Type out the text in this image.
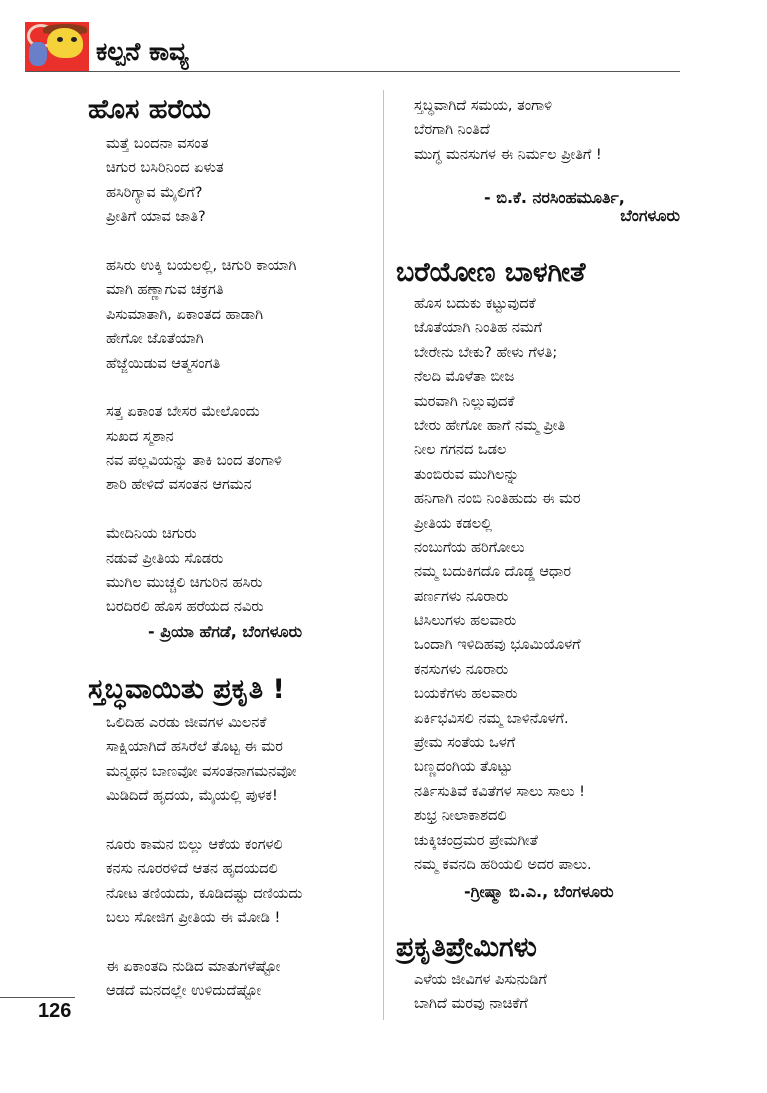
ಕಲ್ಪನೆ ಕಾವ್ಯ
ಹೊಸ ಹರೆಯ
ಮತ್ತೆ ಬಂದನಾ ವಸಂತ
ಚಿಗುರ ಬಸಿರಿನಿಂದ ಏಳುತ
ಹಸಿರಿಗ್ಯಾವ ಮೈಲಿಗೆ?
ಪ್ರೀತಿಗೆ ಯಾವ ಜಾತಿ?
ಹಸಿರು ಉಕ್ಕಿ ಬಯಲಲ್ಲಿ, ಚಿಗುರಿ ಕಾಯಾಗಿ
ಮಾಗಿ ಹಣ್ಣಾಗುವ ಚಕ್ರಗತಿ
ಪಿಸುಮಾತಾಗಿ, ಏಕಾಂತದ ಹಾಡಾಗಿ
ಹೇಗೋ ಜೊತೆಯಾಗಿ
ಹೆಜ್ಜೆಯಿಡುವ ಆತ್ಮಸಂಗತಿ
ಸತ್ತ ಏಕಾಂತ ಬೇಸರ ಮೇಲೊಂದು
ಸುಖದ ಸ್ಮಶಾನ
ನವ ಪಲ್ಲವಿಯನ್ನು ತಾಕಿ ಬಂದ ತಂಗಾಳಿ
ಶಾರಿ ಹೇಳಿದೆ ವಸಂತನ ಆಗಮನ
ಮೇದಿನಿಯ ಚಿಗುರು
ನಡುವೆ ಪ್ರೀತಿಯ ಸೊಡರು
ಮುಗಿಲ ಮುಚ್ಚಲಿ ಚಿಗುರಿನ ಹಸಿರು
ಬರದಿರಲಿ ಹೊಸ ಹರೆಯದ ನವಿರು
- ಪ್ರಿಯಾ ಹೆಗಡೆ, ಬೆಂಗಳೂರು
ಸ್ತಬ್ಧವಾಯಿತು ಪ್ರಕೃತಿ !
ಒಲಿದಿಹ ಎರಡು ಜೀವಗಳ ಮಿಲನಕೆ
ಸಾಕ್ಷಿಯಾಗಿದೆ ಹಸಿರೆಲೆ ತೊಟ್ಟ ಈ ಮರ
ಮನ್ಮಥನ ಬಾಣವೋ ವಸಂತನಾಗಮನವೋ
ಮಿಡಿದಿದೆ ಹೃದಯ, ಮೈಯಲ್ಲಿ ಪುಳಕ!
ನೂರು ಕಾಮನ ಬಿಲ್ಲು ಆಕೆಯ ಕಂಗಳಲಿ
ಕನಸು ನೂರರಳಿದೆ ಆತನ ಹೃದಯದಲಿ
ನೋಟ ತಣಿಯದು, ಕೂಡಿದಷ್ಟು ದಣಿಯದು
ಬಲು ಸೋಜಿಗ ಪ್ರೀತಿಯ ಈ ಮೋಡಿ !
ಈ ಏಕಾಂತದಿ ನುಡಿದ ಮಾತುಗಳೆಷ್ಟೋ
ಆಡದೆ ಮನದಲ್ಲೇ ಉಳಿದುದೆಷ್ಟೋ
ಸ್ತಬ್ಧವಾಗಿದೆ ಸಮಯ, ತಂಗಾಳಿ
ಬೆರಗಾಗಿ ನಿಂತಿದೆ
ಮುಗ್ಧ ಮನಸುಗಳ ಈ ನಿರ್ಮಲ ಪ್ರೀತಿಗೆ !
- ಬಿ.ಕೆ. ನರಸಿಂಹಮೂರ್ತಿ,
ಬೆಂಗಳೂರು
ಬರೆಯೋಣ ಬಾಳಗೀತೆ
ಹೊಸ ಬದುಕು ಕಟ್ಟುವುದಕೆ
ಜೊತೆಯಾಗಿ ನಿಂತಿಹ ನಮಗೆ
ಬೇರೇನು ಬೇಕು? ಹೇಳು ಗೆಳತಿ;
ನೆಲದಿ ಮೊಳೆತಾ ಬೀಜ
ಮರವಾಗಿ ನಿಲ್ಲುವುದಕೆ
ಬೇರು ಹೇಗೋ ಹಾಗೆ ನಮ್ಮ ಪ್ರೀತಿ
ನೀಲ ಗಗನದ ಒಡಲ
ತುಂಬಿರುವ ಮುಗಿಲನ್ನು
ಹನಿಗಾಗಿ ನಂಬಿ ನಿಂತಿಹುದು ಈ ಮರ
ಪ್ರೀತಿಯ ಕಡಲಲ್ಲಿ
ನಂಬುಗೆಯ ಹರಿಗೋಲು
ನಮ್ಮ ಬದುಕಿಗದೊ ದೊಡ್ಡ ಆಧಾರ
ಪರ್ಣಗಳು ನೂರಾರು
ಟಿಸಿಲುಗಳು ಹಲವಾರು
ಒಂದಾಗಿ ಇಳಿದಿಹವು ಭೂಮಿಯೊಳಗೆ
ಕನಸುಗಳು ನೂರಾರು
ಬಯಕೆಗಳು ಹಲವಾರು
ಏರ್ಕಿಭವಿಸಲಿ ನಮ್ಮ ಬಾಳಿನೊಳಗೆ.
ಪ್ರೇಮ ಸಂತೆಯ ಒಳಗೆ
ಬಣ್ಣದಂಗಿಯ ತೊಟ್ಟು
ನರ್ತಿಸುತಿವೆ ಕವಿತೆಗಳ ಸಾಲು ಸಾಲು !
ಶುಭ್ರ ನೀಲಾಕಾಶದಲಿ
ಚುಕ್ಕಿಚಂದ್ರಮರ ಪ್ರೇಮಗೀತೆ
ನಮ್ಮ ಕವನದಿ ಹರಿಯಲಿ ಅದರ ಪಾಲು.
-ಗ್ರೀಷ್ಮಾ ಬಿ.ಎ., ಬೆಂಗಳೂರು
ಪ್ರಕೃತಿಪ್ರೇಮಿಗಳು
ಎಳೆಯ ಜೀವಿಗಳ ಪಿಸುನುಡಿಗೆ
ಬಾಗಿದೆ ಮರವು ನಾಚಿಕೆಗೆ
126
